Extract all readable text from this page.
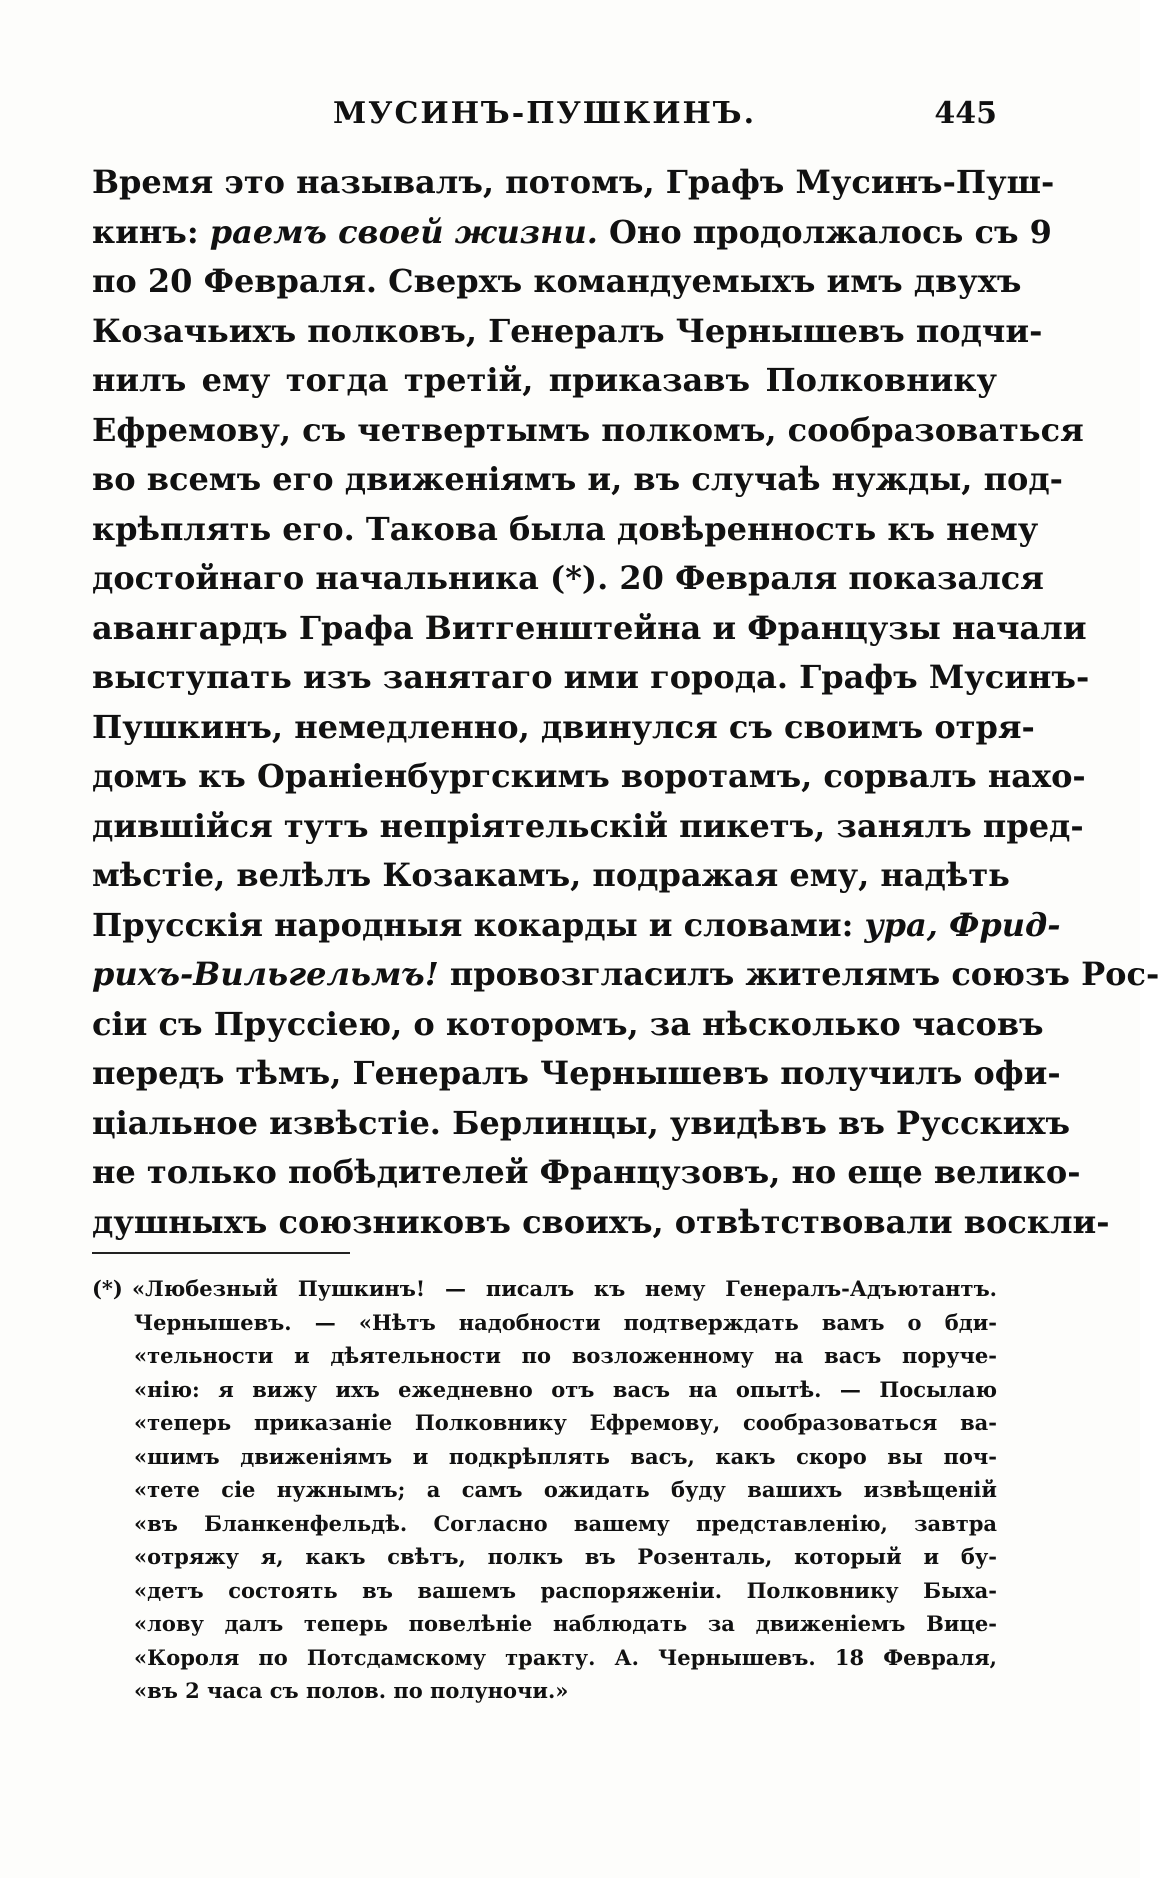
МУСИНЪ-ПУШКИНЪ.	445
Время это называлъ, потомъ, Графъ Мусинъ-Пуш-
кинъ: раемъ своей жизни. Оно продолжалось съ 9
по 20 Февраля. Сверхъ командуемыхъ имъ двухъ
Козачьихъ полковъ, Генералъ Чернышевъ подчи-
нилъ ему тогда третій, приказавъ Полковнику
Ефремову, съ четвертымъ полкомъ, сообразоваться
во всемъ его движеніямъ и, въ случаѣ нужды, под-
крѣплять его. Такова была довѣренность къ нему
достойнаго начальника (*). 20 Февраля показался
авангардъ Графа Витгенштейна и Французы начали
выступать изъ занятаго ими города. Графъ Мусинъ-
Пушкинъ, немедленно, двинулся съ своимъ отря-
домъ къ Ораніенбургскимъ воротамъ, сорвалъ нахо-
дившійся тутъ непріятельскій пикетъ, занялъ пред-
мѣстіе, велѣлъ Козакамъ, подражая ему, надѣть
Прусскія народныя кокарды и словами: ура, Фрид-
рихъ-Вильгельмъ! провозгласилъ жителямъ союзъ Рос-
сіи съ Пруссіею, о которомъ, за нѣсколько часовъ
передъ тѣмъ, Генералъ Чернышевъ получилъ офи-
ціальное извѣстіе. Берлинцы, увидѣвъ въ Русскихъ
не только побѣдителей Французовъ, но еще велико-
душныхъ союзниковъ своихъ, отвѣтствовали воскли-
(*) «Любезный Пушкинъ! — писалъ къ нему Генералъ-Адъютантъ.
Чернышевъ. — «Нѣтъ надобности подтверждать вамъ о бди-
«тельности и дѣятельности по возложенному на васъ поруче-
«нію: я вижу ихъ ежедневно отъ васъ на опытѣ. — Посылаю
«теперь приказаніе Полковнику Ефремову, сообразоваться ва-
«шимъ движеніямъ и подкрѣплять васъ, какъ скоро вы поч-
«тете сіе нужнымъ; а самъ ожидать буду вашихъ извѣщеній
«въ Бланкенфельдѣ. Согласно вашему представленію, завтра
«отряжу я, какъ свѣтъ, полкъ въ Розенталь, который и бу-
«детъ состоять въ вашемъ распоряженіи. Полковнику Быха-
«лову далъ теперь повелѣніе наблюдать за движеніемъ Вице-
«Короля по Потсдамскому тракту. А. Чернышевъ. 18 Февраля,
«въ 2 часа съ полов. по полуночи.»
